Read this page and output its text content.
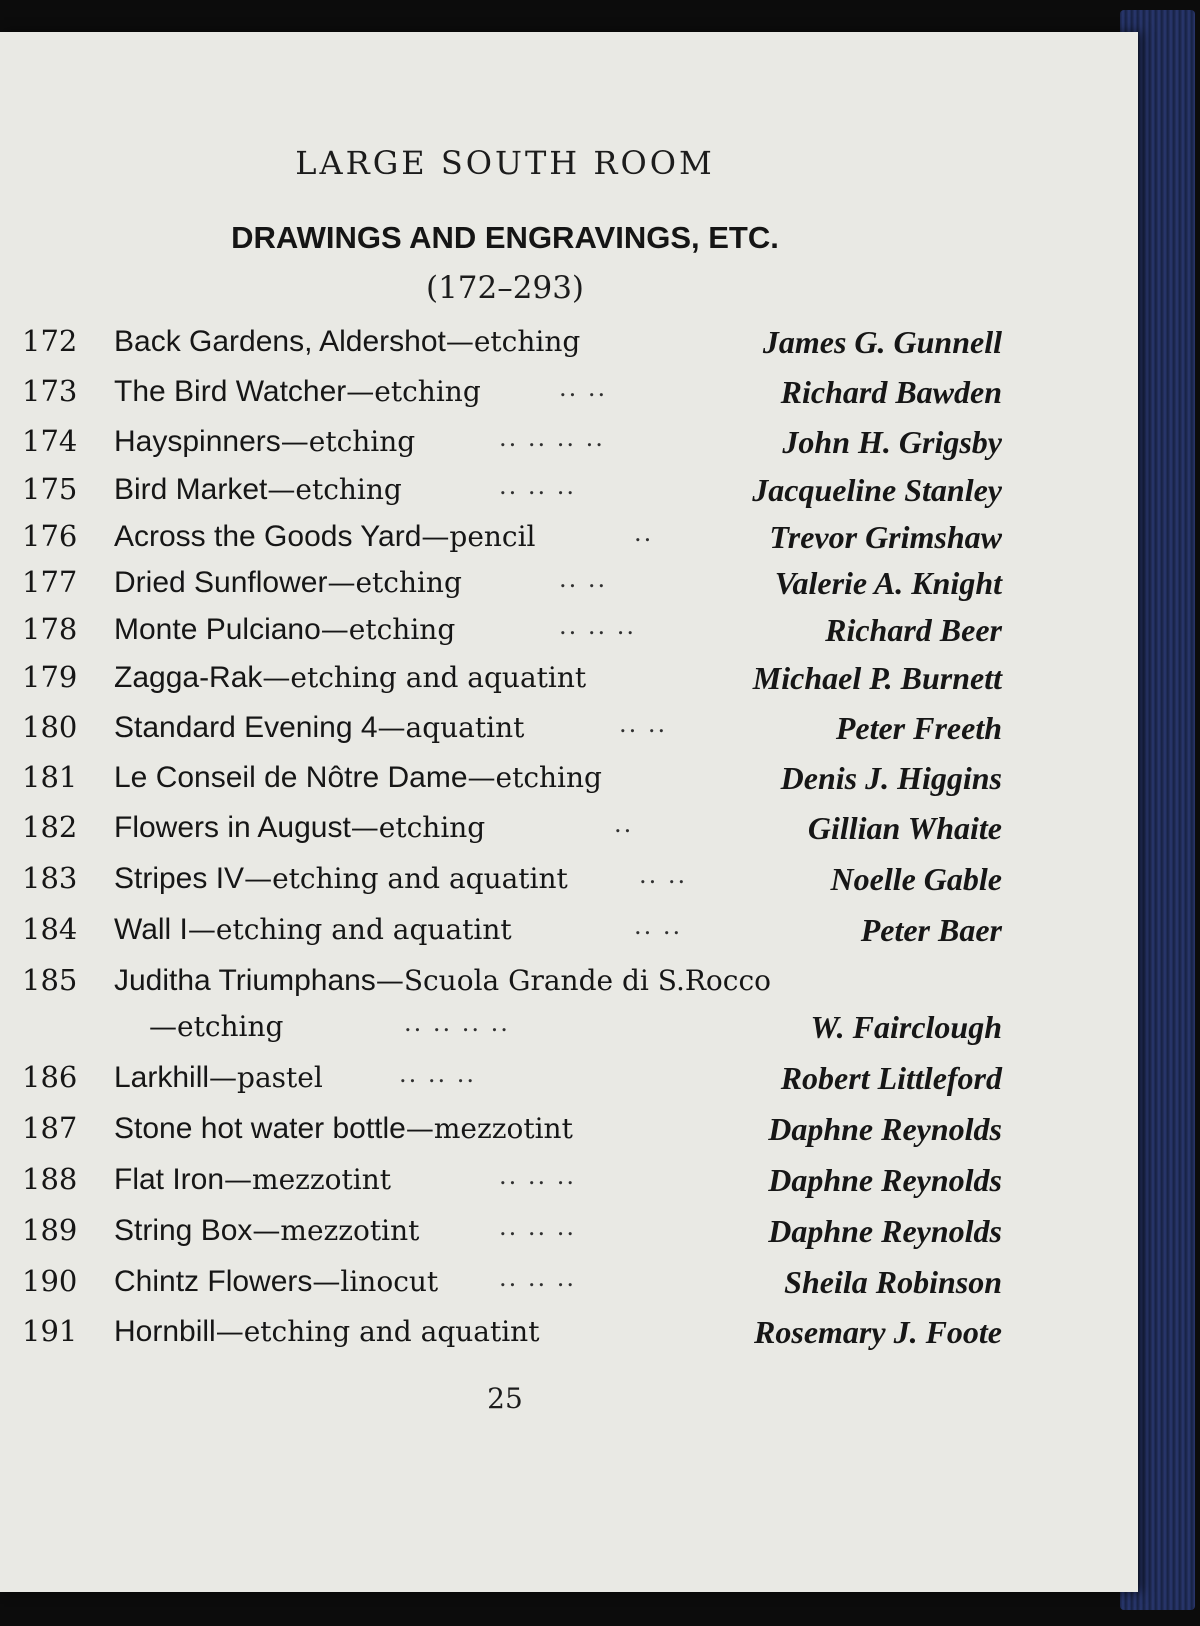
LARGE SOUTH ROOM
DRAWINGS AND ENGRAVINGS, ETC.
(172–293)
172 Back Gardens, Aldershot—etching	James G. Gunnell
173 The Bird Watcher—etching	.. ..	Richard Bawden
174 Hayspinners—etching	.. .. .. ..	John H. Grigsby
175 Bird Market—etching	.. .. ..	Jacqueline Stanley
176 Across the Goods Yard—pencil	..	Trevor Grimshaw
177 Dried Sunflower—etching	.. ..	Valerie A. Knight
178 Monte Pulciano—etching	.. .. ..	Richard Beer
179 Zagga-Rak—etching and aquatint	Michael P. Burnett
180 Standard Evening 4—aquatint	.. ..	Peter Freeth
181 Le Conseil de Nôtre Dame—etching	Denis J. Higgins
182 Flowers in August—etching	..	Gillian Whaite
183 Stripes IV—etching and aquatint	.. ..	Noelle Gable
184 Wall I—etching and aquatint	.. ..	Peter Baer
185 Juditha Triumphans—Scuola Grande di S.Rocco
—etching	.. .. .. ..	W. Fairclough
186 Larkhill—pastel	.. .. ..	Robert Littleford
187 Stone hot water bottle—mezzotint	Daphne Reynolds
188 Flat Iron—mezzotint	.. .. ..	Daphne Reynolds
189 String Box—mezzotint	.. .. ..	Daphne Reynolds
190 Chintz Flowers—linocut	.. .. ..	Sheila Robinson
191 Hornbill—etching and aquatint	Rosemary J. Foote
25
